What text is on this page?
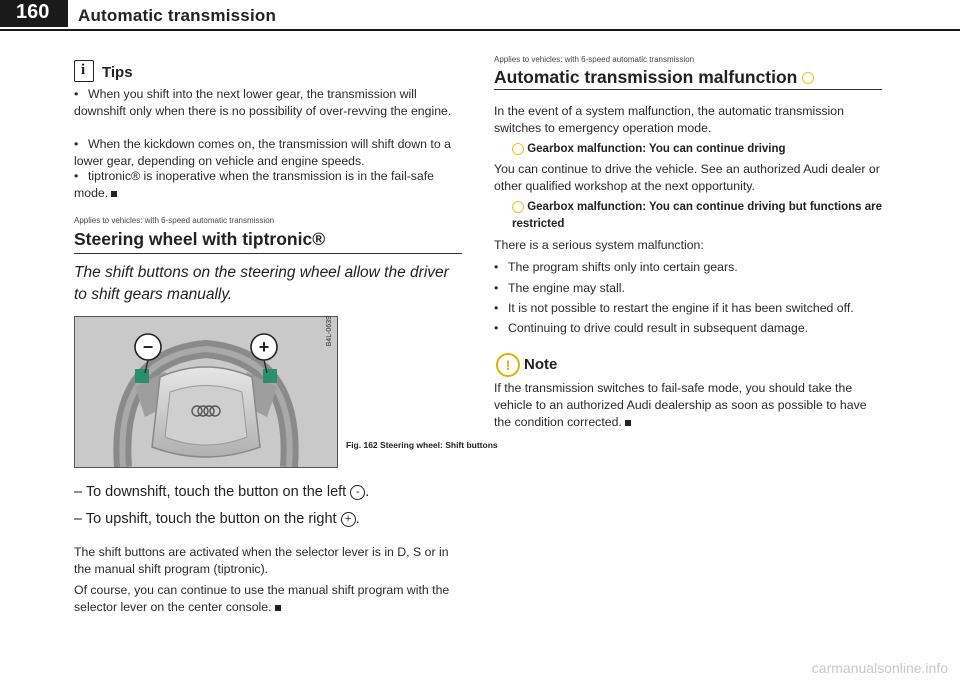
160 Automatic transmission
i Tips
• When you shift into the next lower gear, the transmission will downshift only when there is no possibility of over-revving the engine.
• When the kickdown comes on, the transmission will shift down to a lower gear, depending on vehicle and engine speeds.
• tiptronic® is inoperative when the transmission is in the fail-safe mode.
Applies to vehicles: with 6-speed automatic transmission
Steering wheel with tiptronic®
The shift buttons on the steering wheel allow the driver to shift gears manually.
−	+
B4L-0639
Fig. 162 Steering wheel: Shift buttons
– To downshift, touch the button on the left - .
– To upshift, touch the button on the right + .
The shift buttons are activated when the selector lever is in D, S or in the manual shift program (tiptronic).
Of course, you can continue to use the manual shift program with the selector lever on the center console.
Applies to vehicles: with 6-speed automatic transmission
Automatic transmission malfunction
In the event of a system malfunction, the automatic transmission switches to emergency operation mode.
Gearbox malfunction: You can continue driving
You can continue to drive the vehicle. See an authorized Audi dealer or other qualified workshop at the next opportunity.
Gearbox malfunction: You can continue driving but functions are restricted
There is a serious system malfunction:
• The program shifts only into certain gears.
• The engine may stall.
• It is not possible to restart the engine if it has been switched off.
• Continuing to drive could result in subsequent damage.
! Note
If the transmission switches to fail-safe mode, you should take the vehicle to an authorized Audi dealership as soon as possible to have the condition corrected.
carmanualsonline.info
